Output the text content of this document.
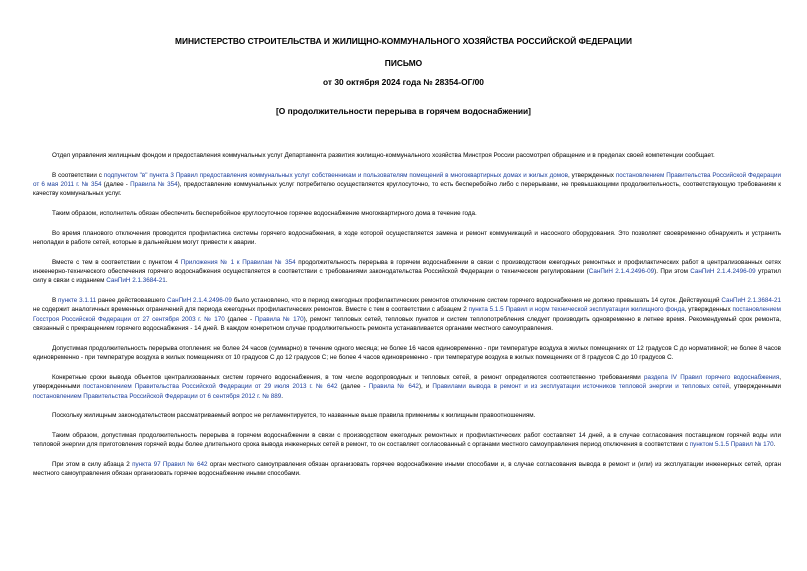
МИНИСТЕРСТВО СТРОИТЕЛЬСТВА И ЖИЛИЩНО-КОММУНАЛЬНОГО ХОЗЯЙСТВА РОССИЙСКОЙ ФЕДЕРАЦИИ
ПИСЬМО
от 30 октября 2024 года № 28354-ОГ/00
[О продолжительности перерыва в горячем водоснабжении]

Отдел управления жилищным фондом и предоставления коммунальных услуг Департамента развития жилищно-коммунального хозяйства Минстроя России рассмотрел обращение и в пределах своей компетенции сообщает.

В соответствии с подпунктом "в" пункта 3 Правил предоставления коммунальных услуг собственникам и пользователям помещений в многоквартирных домах и жилых домов, утвержденных постановлением Правительства Российской Федерации от 6 мая 2011 г. № 354 (далее - Правила № 354), предоставление коммунальных услуг потребителю осуществляется круглосуточно, то есть бесперебойно либо с перерывами, не превышающими продолжительность, соответствующую требованиям к качеству коммунальных услуг.

Таким образом, исполнитель обязан обеспечить бесперебойное круглосуточное горячее водоснабжение многоквартирного дома в течение года.

Во время планового отключения проводится профилактика системы горячего водоснабжения, в ходе которой осуществляется замена и ремонт коммуникаций и насосного оборудования. Это позволяет своевременно обнаружить и устранить неполадки в работе сетей, которые в дальнейшем могут привести к аварии.

Вместе с тем в соответствии с пунктом 4 Приложения № 1 к Правилам № 354 продолжительность перерыва в горячем водоснабжении в связи с производством ежегодных ремонтных и профилактических работ в централизованных сетях инженерно-технического обеспечения горячего водоснабжения осуществляется в соответствии с требованиями законодательства Российской Федерации о техническом регулировании (СанПиН 2.1.4.2496-09). При этом СанПиН 2.1.4.2496-09 утратил силу в связи с изданием СанПиН 2.1.3684-21.

В пункте 3.1.11 ранее действовавшего СанПиН 2.1.4.2496-09 было установлено, что в период ежегодных профилактических ремонтов отключение систем горячего водоснабжения не должно превышать 14 суток. Действующий СанПиН 2.1.3684-21 не содержит аналогичных временных ограничений для периода ежегодных профилактических ремонтов. Вместе с тем в соответствии с абзацем 2 пункта 5.1.5 Правил и норм технической эксплуатации жилищного фонда, утвержденных постановлением Госстроя Российской Федерации от 27 сентября 2003 г. № 170 (далее - Правила № 170), ремонт тепловых сетей, тепловых пунктов и систем теплопотребления следует производить одновременно в летнее время. Рекомендуемый срок ремонта, связанный с прекращением горячего водоснабжения - 14 дней. В каждом конкретном случае продолжительность ремонта устанавливается органами местного самоуправления.

Допустимая продолжительность перерыва отопления: не более 24 часов (суммарно) в течение одного месяца; не более 16 часов единовременно - при температуре воздуха в жилых помещениях от 12 градусов С до нормативной; не более 8 часов единовременно - при температуре воздуха в жилых помещениях от 10 градусов С до 12 градусов С; не более 4 часов единовременно - при температуре воздуха в жилых помещениях от 8 градусов С до 10 градусов С.

Конкретные сроки вывода объектов централизованных систем горячего водоснабжения, в том числе водопроводных и тепловых сетей, в ремонт определяются соответственно требованиями раздела IV Правил горячего водоснабжения, утвержденными постановлением Правительства Российской Федерации от 29 июля 2013 г. № 642 (далее - Правила № 642), и Правилами вывода в ремонт и из эксплуатации источников тепловой энергии и тепловых сетей, утвержденными постановлением Правительства Российской Федерации от 6 сентября 2012 г. № 889.

Поскольку жилищным законодательством рассматриваемый вопрос не регламентируется, то названные выше правила применимы к жилищным правоотношениям.

Таким образом, допустимая продолжительность перерыва в горячем водоснабжении в связи с производством ежегодных ремонтных и профилактических работ составляет 14 дней, а в случае согласования поставщиком горячей воды или тепловой энергии для приготовления горячей воды более длительного срока вывода инженерных сетей в ремонт, то он составляет согласованный с органами местного самоуправления период отключения в соответствии с пунктом 5.1.5 Правил № 170.

При этом в силу абзаца 2 пункта 97 Правил № 642 орган местного самоуправления обязан организовать горячее водоснабжение иными способами и, в случае согласования вывода в ремонт и (или) из эксплуатации инженерных сетей, орган местного самоуправления обязан организовать горячее водоснабжение иными способами.
